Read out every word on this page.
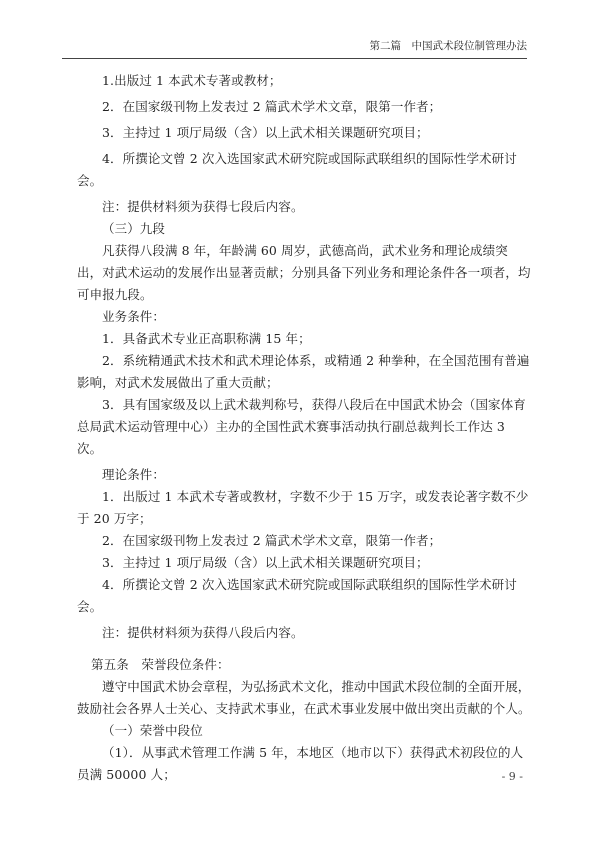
第二篇　中国武术段位制管理办法

1.出版过 1 本武术专著或教材；

2．在国家级刊物上发表过 2 篇武术学术文章，限第一作者；

3．主持过 1 项厅局级（含）以上武术相关课题研究项目；

4．所撰论文曾 2 次入选国家武术研究院或国际武联组织的国际性学术研讨会。

注：提供材料须为获得七段后内容。

（三）九段

凡获得八段满 8 年，年龄满 60 周岁，武德高尚，武术业务和理论成绩突出，对武术运动的发展作出显著贡献；分别具备下列业务和理论条件各一项者，均可申报九段。

业务条件：

1．具备武术专业正高职称满 15 年；

2．系统精通武术技术和武术理论体系，或精通 2 种拳种，在全国范围有普遍影响，对武术发展做出了重大贡献；

3．具有国家级及以上武术裁判称号，获得八段后在中国武术协会（国家体育总局武术运动管理中心）主办的全国性武术赛事活动执行副总裁判长工作达 3 次。

理论条件：

1．出版过 1 本武术专著或教材，字数不少于 15 万字，或发表论著字数不少于 20 万字；

2．在国家级刊物上发表过 2 篇武术学术文章，限第一作者；

3．主持过 1 项厅局级（含）以上武术相关课题研究项目；

4．所撰论文曾 2 次入选国家武术研究院或国际武联组织的国际性学术研讨会。

注：提供材料须为获得八段后内容。

第五条　荣誉段位条件：

遵守中国武术协会章程，为弘扬武术文化，推动中国武术段位制的全面开展，鼓励社会各界人士关心、支持武术事业，在武术事业发展中做出突出贡献的个人。

（一）荣誉中段位

（1）．从事武术管理工作满 5 年，本地区（地市以下）获得武术初段位的人员满 50000 人；	- 9 -
